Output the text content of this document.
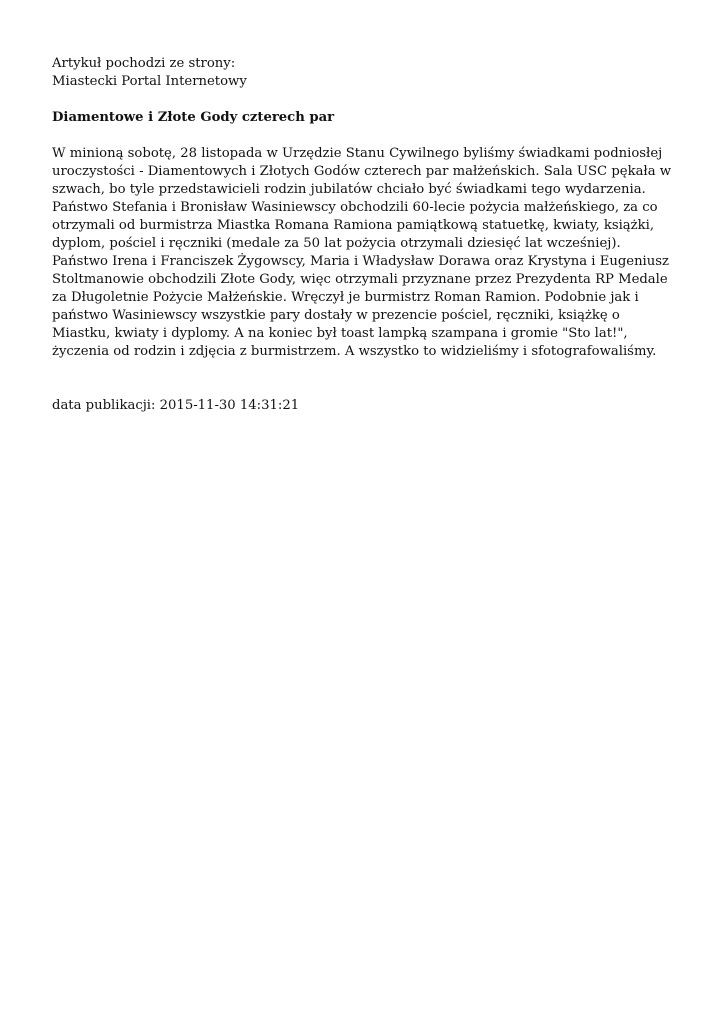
Artykuł pochodzi ze strony:

Miastecki Portal Internetowy

Diamentowe i Złote Gody czterech par

W minioną sobotę, 28 listopada w Urzędzie Stanu Cywilnego byliśmy świadkami podniosłej uroczystości - Diamentowych i Złotych Godów czterech par małżeńskich. Sala USC pękała w szwach, bo tyle przedstawicieli rodzin jubilatów chciało być świadkami tego wydarzenia. Państwo Stefania i Bronisław Wasiniewscy obchodzili 60-lecie pożycia małżeńskiego, za co otrzymali od burmistrza Miastka Romana Ramiona pamiątkową statuetkę, kwiaty, książki, dyplom, pościel i ręczniki (medale za 50 lat pożycia otrzymali dziesięć lat wcześniej). Państwo Irena i Franciszek Żygowscy, Maria i Władysław Dorawa oraz Krystyna i Eugeniusz Stoltmanowie obchodzili Złote Gody, więc otrzymali przyznane przez Prezydenta RP Medale za Długoletnie Pożycie Małżeńskie. Wręczył je burmistrz Roman Ramion. Podobnie jak i państwo Wasiniewscy wszystkie pary dostały w prezencie pościel, ręczniki, książkę o Miastku, kwiaty i dyplomy. A na koniec był toast lampką szampana i gromie "Sto lat!", życzenia od rodzin i zdjęcia z burmistrzem. A wszystko to widzieliśmy i sfotografowaliśmy.

data publikacji: 2015-11-30 14:31:21
